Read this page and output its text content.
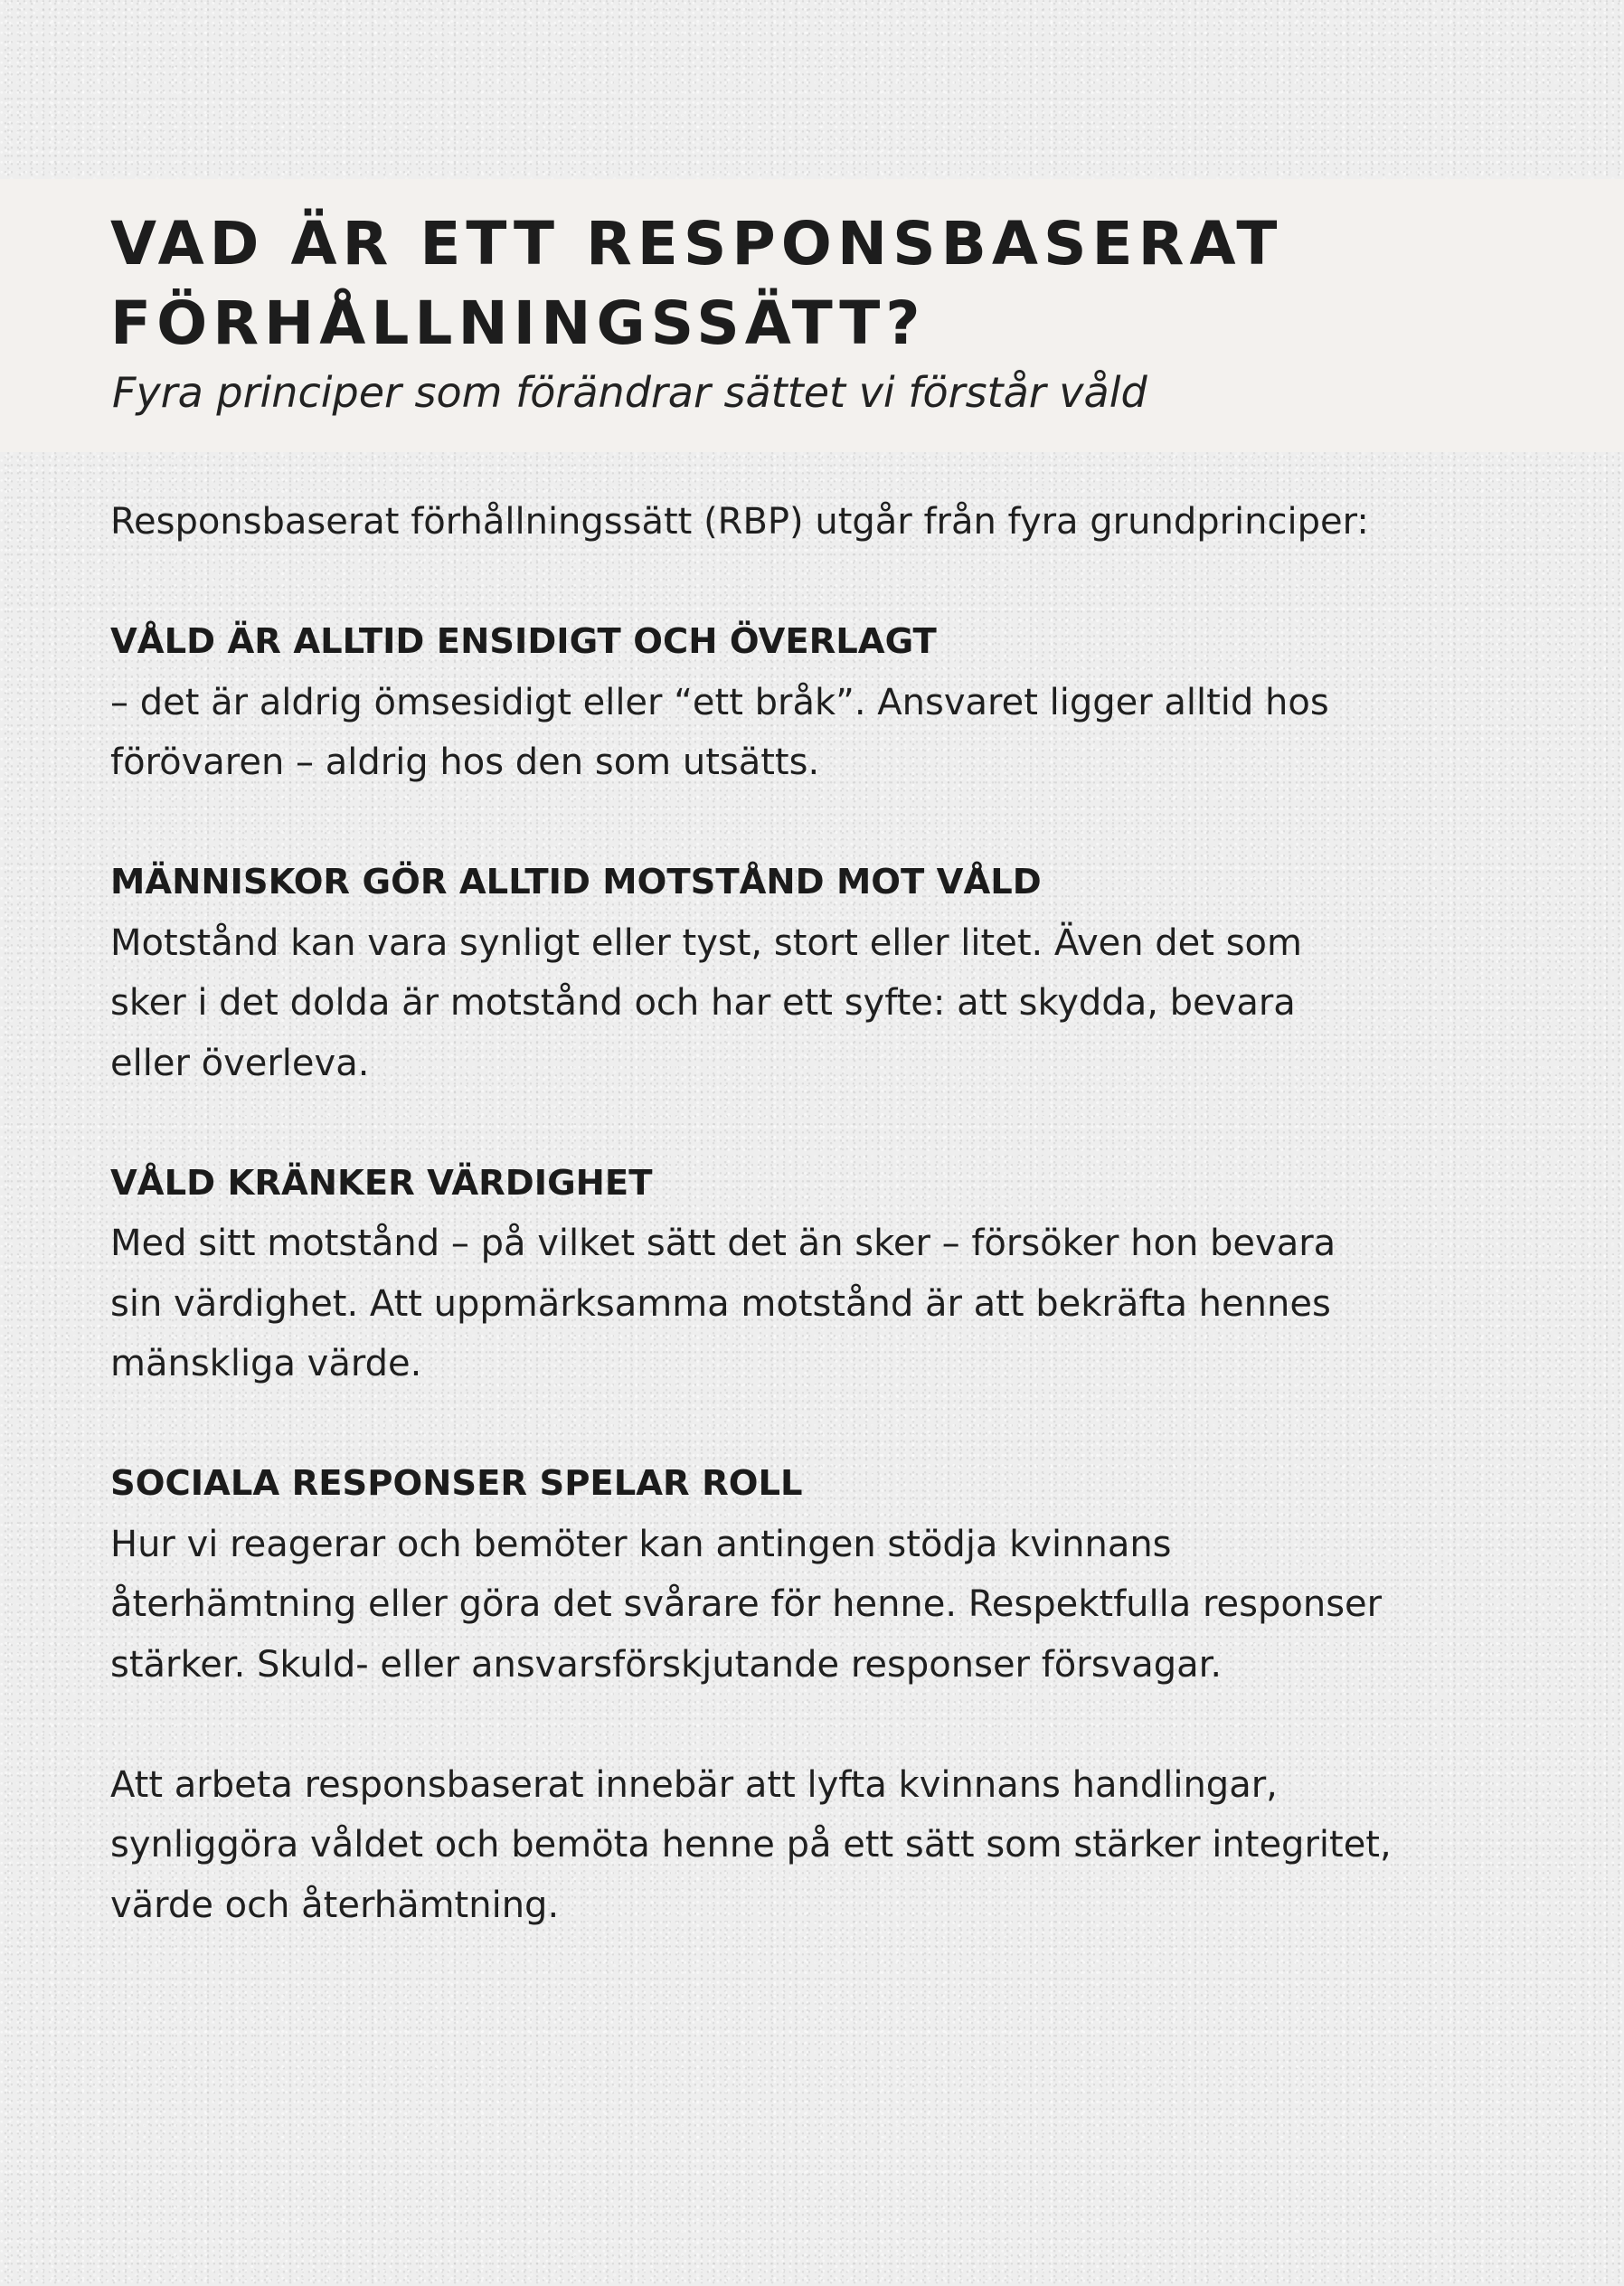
VAD ÄR ETT RESPONSBASERAT
FÖRHÅLLNINGSSÄTT?

Fyra principer som förändrar sättet vi förstår våld

Responsbaserat förhållningssätt (RBP) utgår från fyra grundprinciper:
VÅLD ÄR ALLTID ENSIDIGT OCH ÖVERLAGT
– det är aldrig ömsesidigt eller “ett bråk”. Ansvaret ligger alltid hos
förövaren – aldrig hos den som utsätts.
MÄNNISKOR GÖR ALLTID MOTSTÅND MOT VÅLD
Motstånd kan vara synligt eller tyst, stort eller litet. Även det som
sker i det dolda är motstånd och har ett syfte: att skydda, bevara
eller överleva.
VÅLD KRÄNKER VÄRDIGHET
Med sitt motstånd – på vilket sätt det än sker – försöker hon bevara
sin värdighet. Att uppmärksamma motstånd är att bekräfta hennes
mänskliga värde.
SOCIALA RESPONSER SPELAR ROLL
Hur vi reagerar och bemöter kan antingen stödja kvinnans
återhämtning eller göra det svårare för henne. Respektfulla responser
stärker. Skuld- eller ansvarsförskjutande responser försvagar.
Att arbeta responsbaserat innebär att lyfta kvinnans handlingar,
synliggöra våldet och bemöta henne på ett sätt som stärker integritet,
värde och återhämtning.
